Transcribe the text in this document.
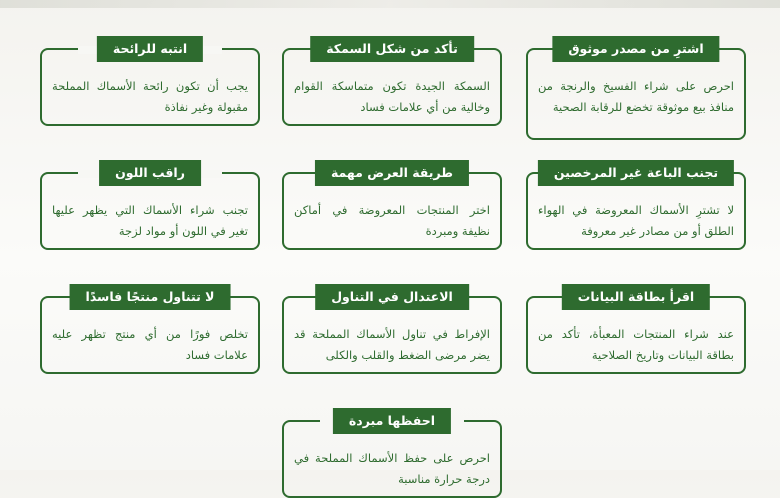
اشترِ من مصدر موثوق
احرص على شراء الفسيخ والرنجة من منافذ بيع موثوقة تخضع للرقابة الصحية
تأكد من شكل السمكة
السمكة الجيدة تكون متماسكة القوام وخالية من أي علامات فساد
انتبه للرائحة
يجب أن تكون رائحة الأسماك المملحة مقبولة وغير نفاذة
تجنب الباعة غير المرخصين
لا تشترِ الأسماك المعروضة في الهواء الطلق أو من مصادر غير معروفة
طريقة العرض مهمة
اختر المنتجات المعروضة في أماكن نظيفة ومبردة
راقب اللون
تجنب شراء الأسماك التي يظهر عليها تغير في اللون أو مواد لزجة
اقرأ بطاقة البيانات
عند شراء المنتجات المعبأة، تأكد من بطاقة البيانات وتاريخ الصلاحية
الاعتدال في التناول
الإفراط في تناول الأسماك المملحة قد يضر مرضى الضغط والقلب والكلى
لا تتناول منتجًا فاسدًا
تخلص فورًا من أي منتج تظهر عليه علامات فساد
احفظها مبردة
احرص على حفظ الأسماك المملحة في درجة حرارة مناسبة
